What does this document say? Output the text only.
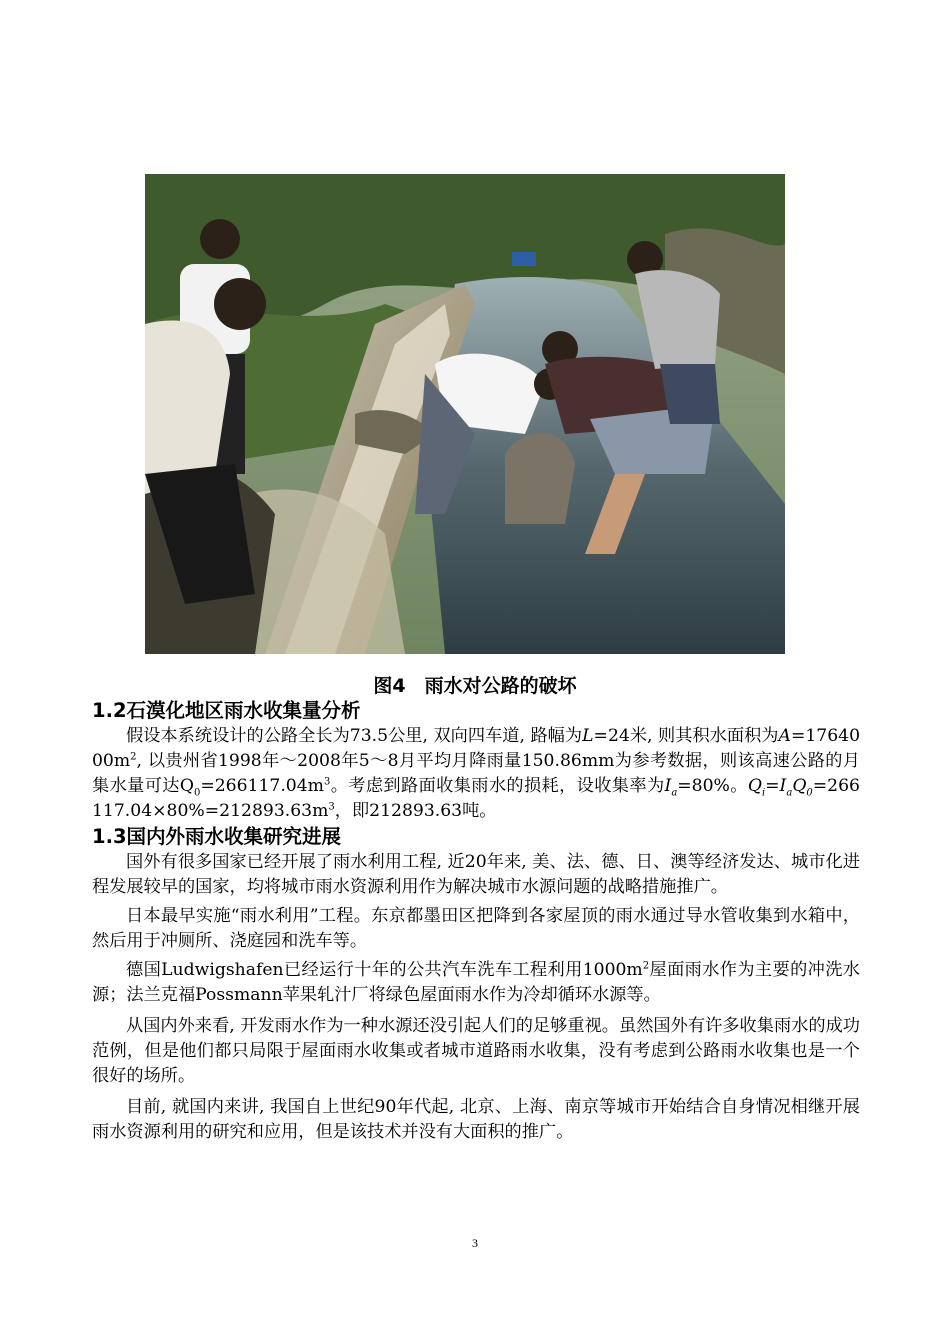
图4　雨水对公路的破坏
1.2石漠化地区雨水收集量分析

假设本系统设计的公路全长为73.5公里, 双向四车道, 路幅为L=24米, 则其积水面积为$A=1764000m^2$, 以贵州省1998年～2008年5～8月平均月降雨量150.86mm为参考数据，则该高速公路的月集水量可达$Q_0=266117.04m^3$。考虑到路面收集雨水的损耗，设收集率为$I_a=80\%$。$Q_i=I_aQ_0=266117.04\times 80\%=212893.63m^3$，即212893.63吨。

1.3国内外雨水收集研究进展

国外有很多国家已经开展了雨水利用工程, 近20年来, 美、法、德、日、澳等经济发达、城市化进程发展较早的国家，均将城市雨水资源利用作为解决城市水源问题的战略措施推广。

日本最早实施“雨水利用”工程。东京都墨田区把降到各家屋顶的雨水通过导水管收集到水箱中，然后用于冲厕所、浇庭园和洗车等。

德国Ludwigshafen已经运行十年的公共汽车洗车工程利用$1000m^2$屋面雨水作为主要的冲洗水源；法兰克福Possmann苹果轧汁厂将绿色屋面雨水作为冷却循环水源等。

从国内外来看, 开发雨水作为一种水源还没引起人们的足够重视。虽然国外有许多收集雨水的成功范例，但是他们都只局限于屋面雨水收集或者城市道路雨水收集，没有考虑到公路雨水收集也是一个很好的场所。

目前, 就国内来讲, 我国自上世纪90年代起, 北京、上海、南京等城市开始结合自身情况相继开展雨水资源利用的研究和应用，但是该技术并没有大面积的推广。

3
